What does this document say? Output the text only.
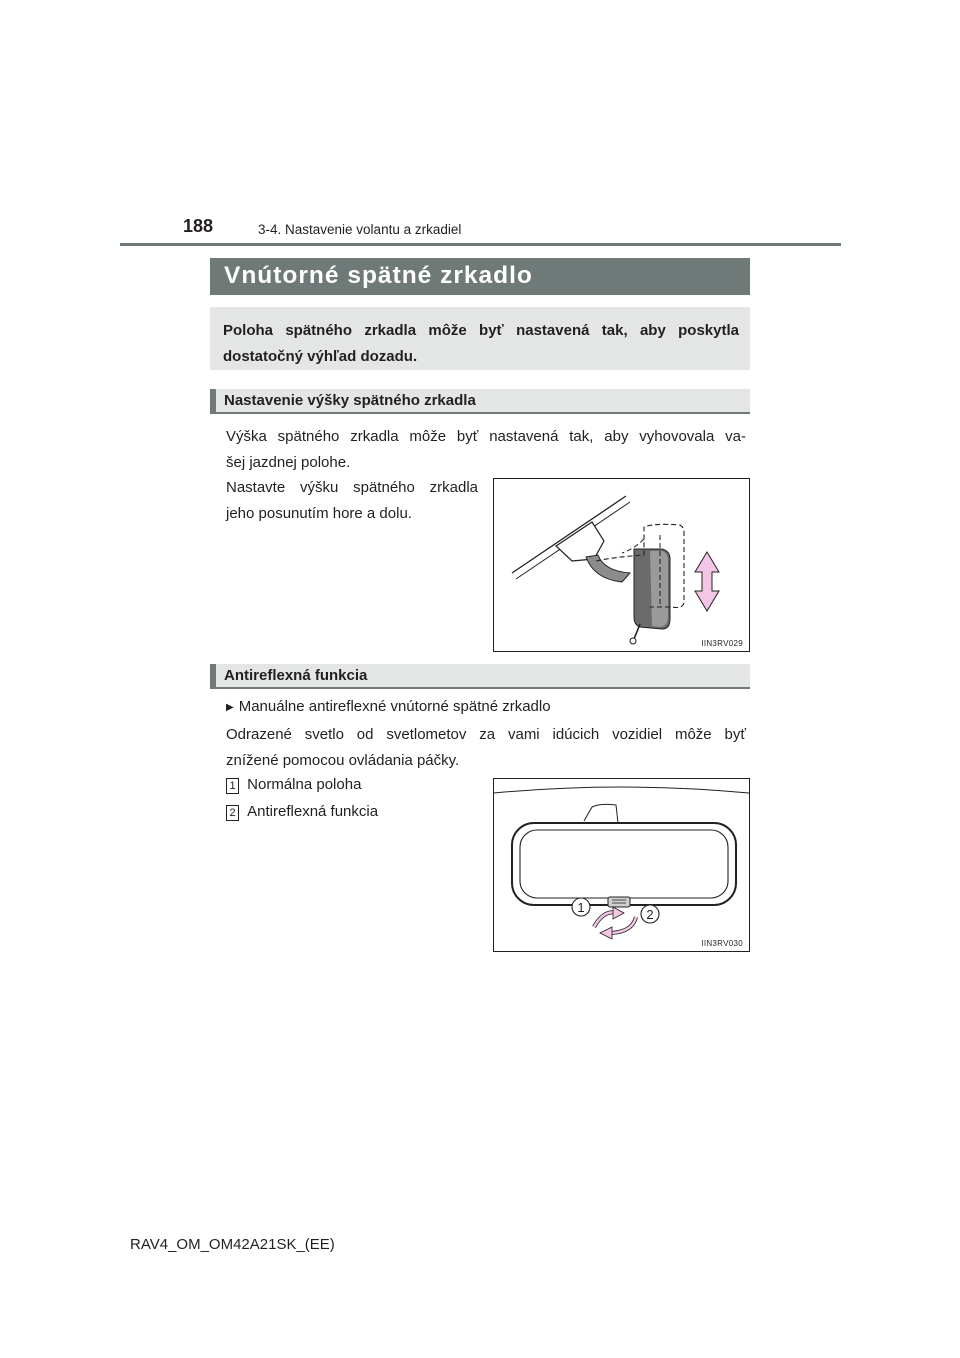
188	3-4. Nastavenie volantu a zrkadiel
Vnútorné spätné zrkadlo
Poloha spätného zrkadla môže byť nastavená tak, aby poskytla
dostatočný výhľad dozadu.
Nastavenie výšky spätného zrkadla
Výška spätného zrkadla môže byť nastavená tak, aby vyhovovala va-
šej jazdnej polohe.
Nastavte výšku spätného zrkadla
jeho posunutím hore a dolu.
IIN3RV029
Antireflexná funkcia
▶ Manuálne antireflexné vnútorné spätné zrkadlo
Odrazené svetlo od svetlometov za vami idúcich vozidiel môže byť
znížené pomocou ovládania páčky.
1 Normálna poloha
2 Antireflexná funkcia
1	2
IIN3RV030
RAV4_OM_OM42A21SK_(EE)
